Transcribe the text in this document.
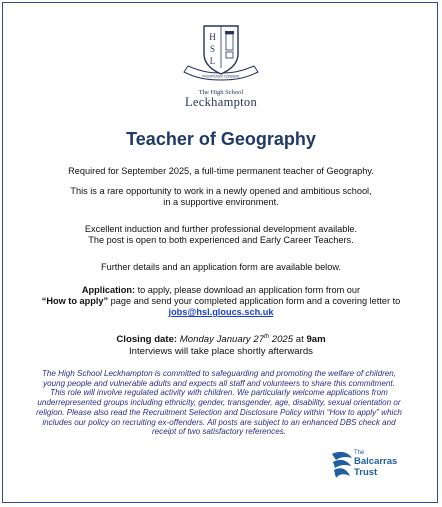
H
S
L
PROSPERUM CONDERE
The High School
Leckhampton
Teacher of Geography
Required for September 2025, a full-time permanent teacher of Geography.
This is a rare opportunity to work in a newly opened and ambitious school,
in a supportive environment.
Excellent induction and further professional development available.
The post is open to both experienced and Early Career Teachers.
Further details and an application form are available below.
Application: to apply, please download an application form from our
“How to apply” page and send your completed application form and a covering letter to
jobs@hsl.gloucs.sch.uk
Closing date: Monday January 27th 2025 at 9am
Interviews will take place shortly afterwards
The High School Leckhampton is committed to safeguarding and promoting the welfare of children,
young people and vulnerable adults and expects all staff and volunteers to share this commitment.
This role will involve regulated activity with children. We particularly welcome applications from
underrepresented groups including ethnicity, gender, transgender, age, disability, sexual orientation or
religion. Please also read the Recruitment Selection and Disclosure Policy within “How to apply” which
includes our policy on recruiting ex-offenders. All posts are subject to an enhanced DBS check and
receipt of two satisfactory references.
The
Balcarras
Trust
